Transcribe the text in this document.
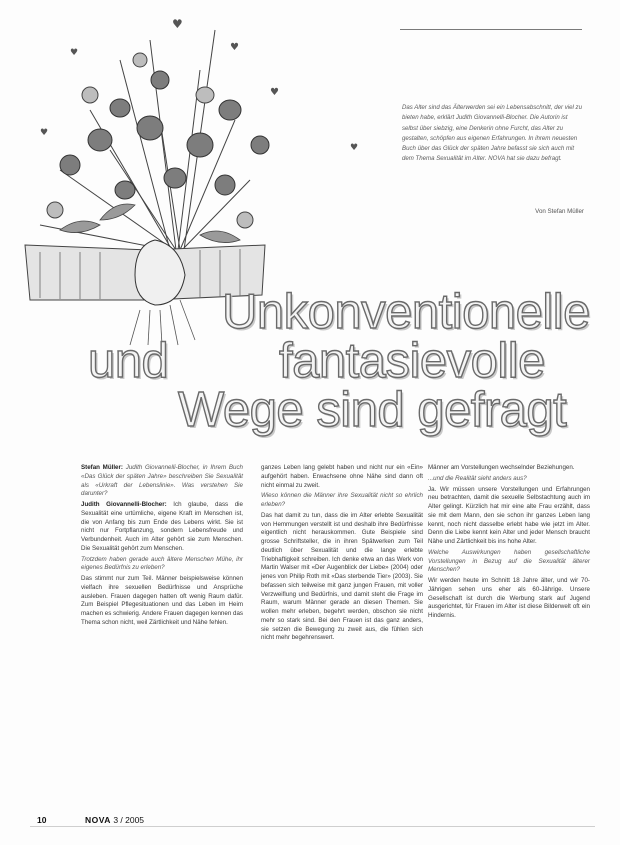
♥
♥
♥
♥
♥
♥
Das Alter sind das Älterwerden sei ein Lebensabschnitt, der viel zu bieten habe, erklärt Judith Giovannelli-Blocher. Die Autorin ist selbst über siebzig, eine Denkerin ohne Furcht, das Alter zu gestalten, schöpfen aus eigenen Erfahrungen. In ihrem neuesten Buch über das Glück der späten Jahre befasst sie sich auch mit dem Thema Sexualität im Alter. NOVA hat sie dazu befragt.
Von Stefan Müller
Unkonventionelle
und fantasievolle
Wege sind gefragt

Stefan Müller: Judith Giovannelli-Blocher, in Ihrem Buch «Das Glück der späten Jahre» beschreiben Sie Sexualität als «Urkraft der Lebenslinie». Was verstehen Sie darunter?

Judith Giovannelli-Blocher: Ich glaube, dass die Sexualität eine urtümliche, eigene Kraft im Menschen ist, die von Anfang bis zum Ende des Lebens wirkt. Sie ist nicht nur Fortpflanzung, sondern Lebensfreude und Verbundenheit. Auch im Alter gehört sie zum Menschen. Die Sexualität gehört zum Menschen.

Trotzdem haben gerade auch ältere Menschen Mühe, ihr eigenes Bedürfnis zu erleben?

Das stimmt nur zum Teil. Männer beispielsweise können vielfach ihre sexuellen Bedürfnisse und Ansprüche ausleben. Frauen dagegen hatten oft wenig Raum dafür. Zum Beispiel Pflegesituationen und das Leben im Heim machen es schwierig. Andere Frauen dagegen kennen das Thema schon nicht, weil Zärtlichkeit und Nähe fehlen.

ganzes Leben lang gelebt haben und nicht nur ein «Ein» aufgehört haben. Erwachsene ohne Nähe sind dann oft nicht einmal zu zweit.

Wieso können die Männer ihre Sexualität nicht so ehrlich erleben?

Das hat damit zu tun, dass die im Alter erlebte Sexualität von Hemmungen verstellt ist und deshalb ihre Bedürfnisse eigentlich nicht herauskommen. Gute Beispiele sind grosse Schriftsteller, die in ihren Spätwerken zum Teil deutlich über Sexualität und die lange erlebte Triebhaftigkeit schreiben. Ich denke etwa an das Werk von Martin Walser mit «Der Augenblick der Liebe» (2004) oder jenes von Philip Roth mit «Das sterbende Tier» (2003). Sie befassen sich teilweise mit ganz jungen Frauen, mit voller Verzweiflung und Bedürfnis, und damit steht die Frage im Raum, warum Männer gerade an diesen Themen. Sie wollen mehr erleben, begehrt werden, obschon sie nicht mehr so stark sind. Bei den Frauen ist das ganz anders, sie setzen die Bewegung zu zweit aus, die fühlen sich nicht mehr begehrenswert.

Männer am Vorstellungen wechselnder Beziehungen.

...und die Realität sieht anders aus?

Ja. Wir müssen unsere Vorstellungen und Erfahrungen neu betrachten, damit die sexuelle Selbstachtung auch im Alter gelingt. Kürzlich hat mir eine alte Frau erzählt, dass sie mit dem Mann, den sie schon ihr ganzes Leben lang kennt, noch nicht dasselbe erlebt habe wie jetzt im Alter. Denn die Liebe kennt kein Alter und jeder Mensch braucht Nähe und Zärtlichkeit bis ins hohe Alter.

Welche Auswirkungen haben gesellschaftliche Vorstellungen in Bezug auf die Sexualität älterer Menschen?

Wir werden heute im Schnitt 18 Jahre älter, und wir 70-Jährigen sehen uns eher als 60-Jährige. Unsere Gesellschaft ist durch die Werbung stark auf Jugend ausgerichtet, für Frauen im Alter ist diese Bilderwelt oft ein Hindernis.

10	NOVA 3 / 2005
